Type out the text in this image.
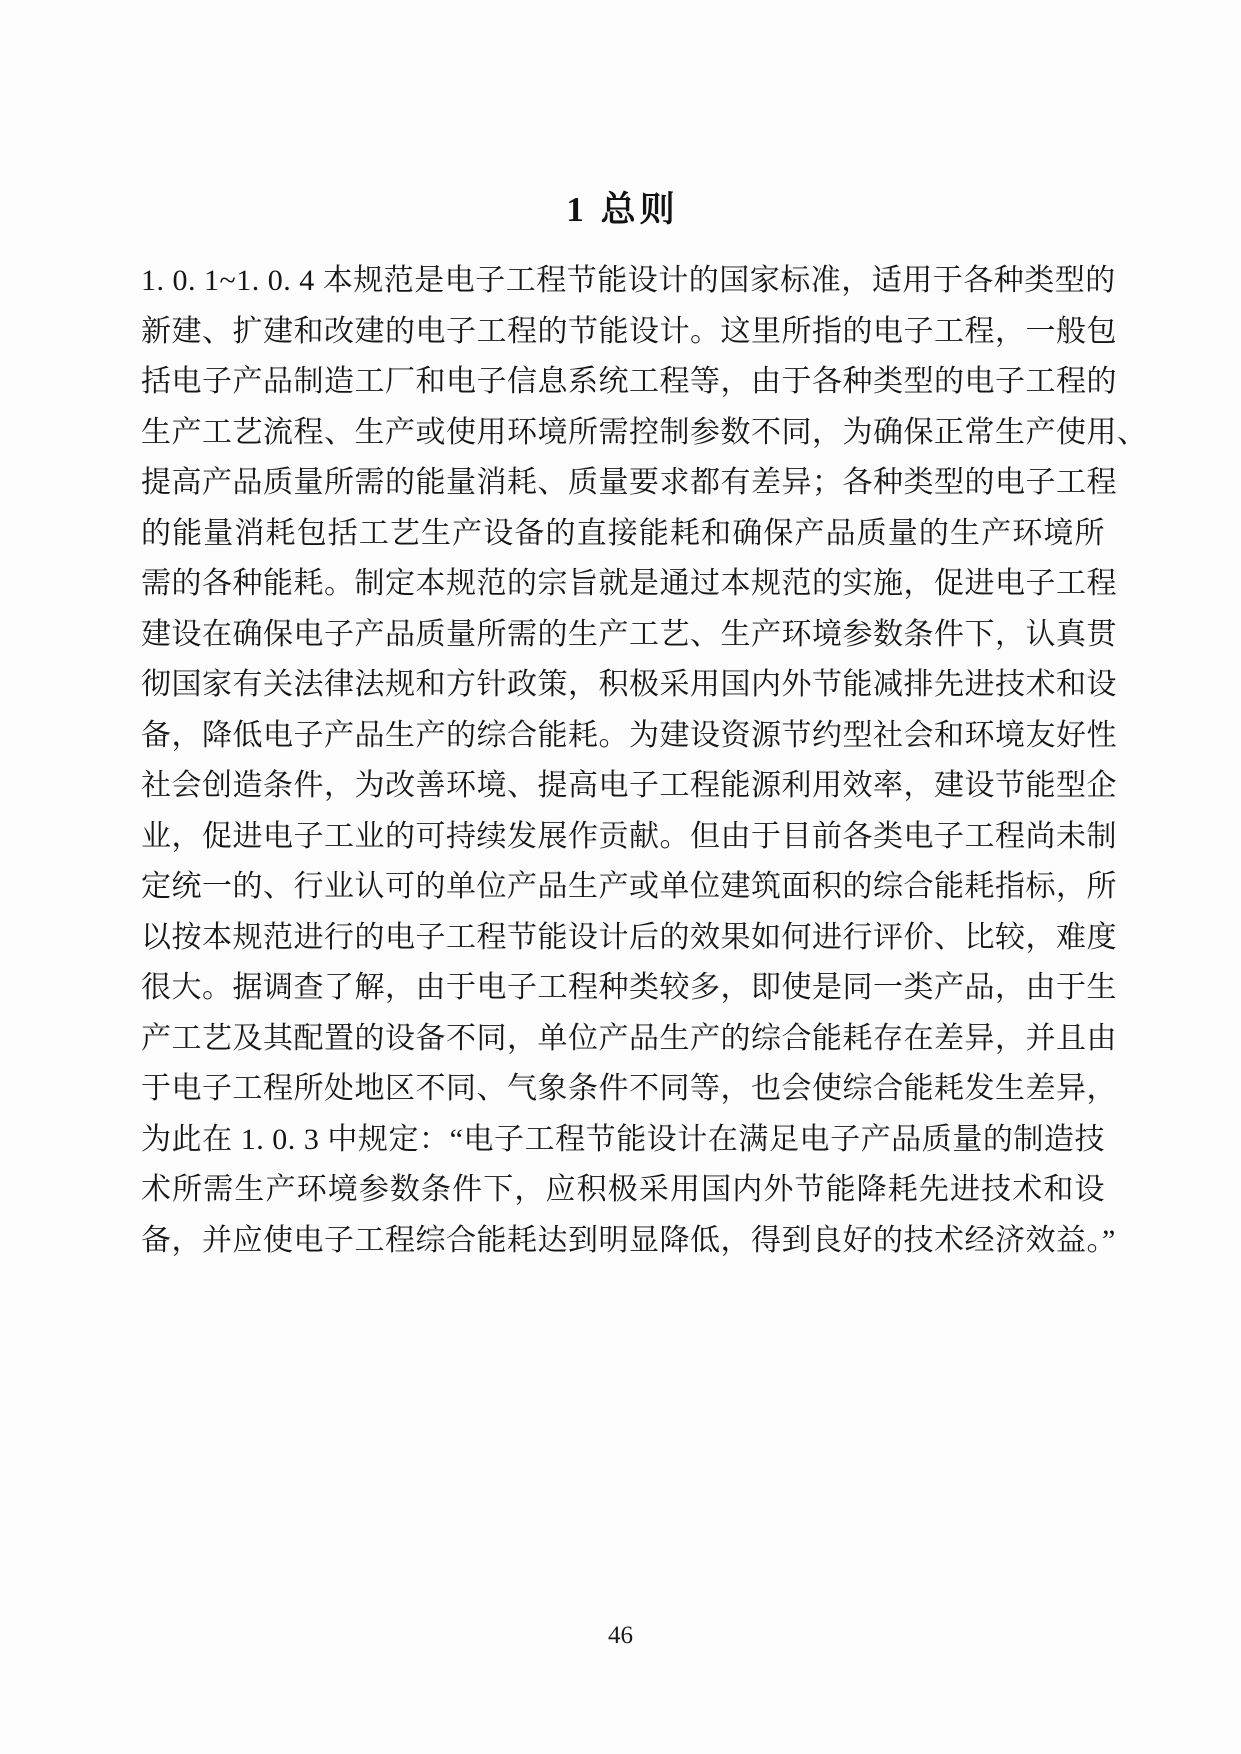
1 总则
1. 0. 1~1. 0. 4 本规范是电子工程节能设计的国家标准，适用于各种类型的
新建、扩建和改建的电子工程的节能设计。这里所指的电子工程，一般包
括电子产品制造工厂和电子信息系统工程等，由于各种类型的电子工程的
生产工艺流程、生产或使用环境所需控制参数不同，为确保正常生产使用、
提高产品质量所需的能量消耗、质量要求都有差异；各种类型的电子工程
的能量消耗包括工艺生产设备的直接能耗和确保产品质量的生产环境所
需的各种能耗。制定本规范的宗旨就是通过本规范的实施，促进电子工程
建设在确保电子产品质量所需的生产工艺、生产环境参数条件下，认真贯
彻国家有关法律法规和方针政策，积极采用国内外节能减排先进技术和设
备，降低电子产品生产的综合能耗。为建设资源节约型社会和环境友好性
社会创造条件，为改善环境、提高电子工程能源利用效率，建设节能型企
业，促进电子工业的可持续发展作贡献。但由于目前各类电子工程尚未制
定统一的、行业认可的单位产品生产或单位建筑面积的综合能耗指标，所
以按本规范进行的电子工程节能设计后的效果如何进行评价、比较，难度
很大。据调查了解，由于电子工程种类较多，即使是同一类产品，由于生
产工艺及其配置的设备不同，单位产品生产的综合能耗存在差异，并且由
于电子工程所处地区不同、气象条件不同等，也会使综合能耗发生差异，
为此在 1. 0. 3 中规定：“电子工程节能设计在满足电子产品质量的制造技
术所需生产环境参数条件下，应积极采用国内外节能降耗先进技术和设
备，并应使电子工程综合能耗达到明显降低，得到良好的技术经济效益。”
46
